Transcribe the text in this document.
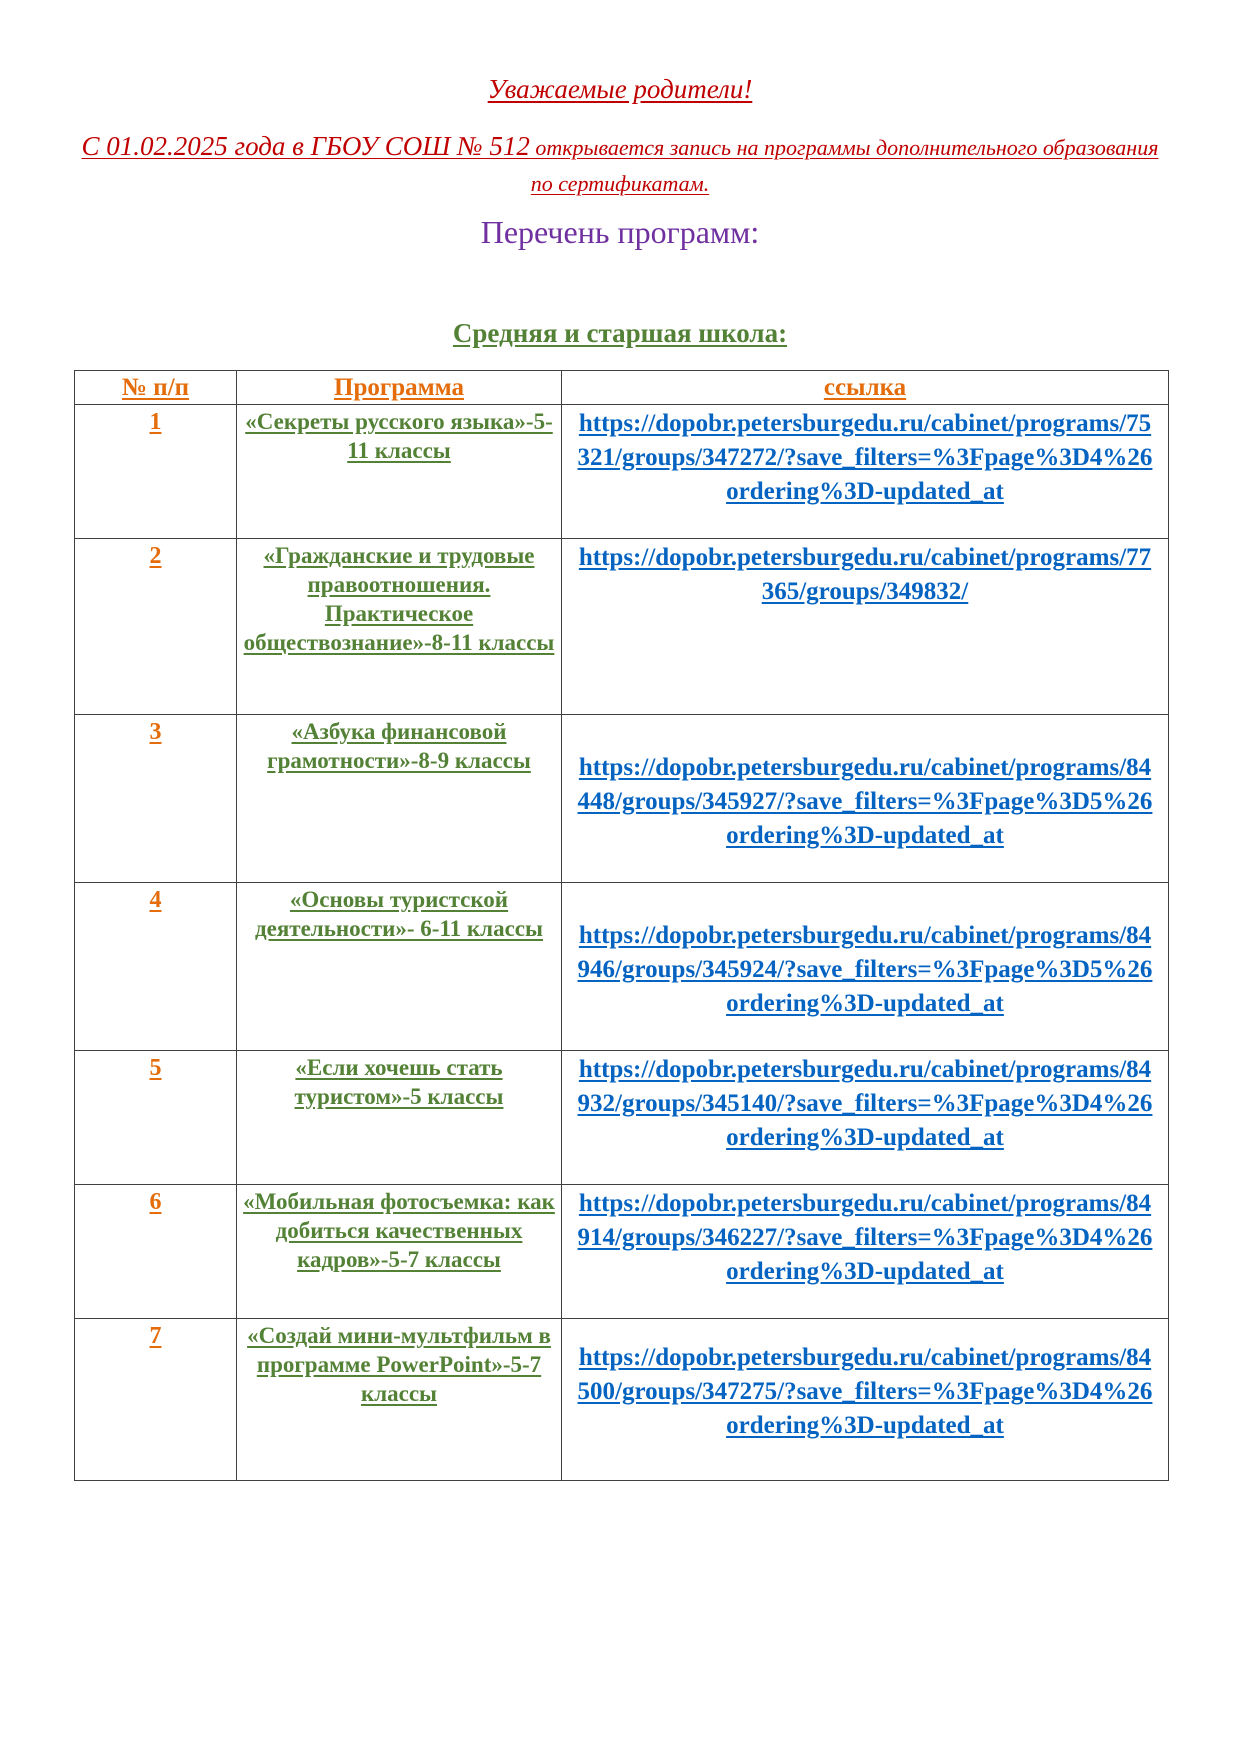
Уважаемые родители!
С 01.02.2025 года в ГБОУ СОШ № 512 открывается запись на программы дополнительного образования по сертификатам.
Перечень программ:
Средняя и старшая школа:
№ п/п	Программа	ссылка
1	«Секреты русского языка»-5-11 классы	https://dopobr.petersburgedu.ru/cabinet/programs/75321/groups/347272/?save_filters=%3Fpage%3D4%26ordering%3D-updated_at
2	«Гражданские и трудовые правоотношения. Практическое обществознание»-8-11 классы	https://dopobr.petersburgedu.ru/cabinet/programs/77365/groups/349832/
3	«Азбука финансовой грамотности»-8-9 классы	https://dopobr.petersburgedu.ru/cabinet/programs/84448/groups/345927/?save_filters=%3Fpage%3D5%26ordering%3D-updated_at
4	«Основы туристской деятельности»- 6-11 классы	https://dopobr.petersburgedu.ru/cabinet/programs/84946/groups/345924/?save_filters=%3Fpage%3D5%26ordering%3D-updated_at
5	«Если хочешь стать туристом»-5 классы	https://dopobr.petersburgedu.ru/cabinet/programs/84932/groups/345140/?save_filters=%3Fpage%3D4%26ordering%3D-updated_at
6	«Мобильная фотосъемка: как добиться качественных кадров»-5-7 классы	https://dopobr.petersburgedu.ru/cabinet/programs/84914/groups/346227/?save_filters=%3Fpage%3D4%26ordering%3D-updated_at
7	«Создай мини-мультфильм в программе PowerPoint»-5-7 классы	https://dopobr.petersburgedu.ru/cabinet/programs/84500/groups/347275/?save_filters=%3Fpage%3D4%26ordering%3D-updated_at
